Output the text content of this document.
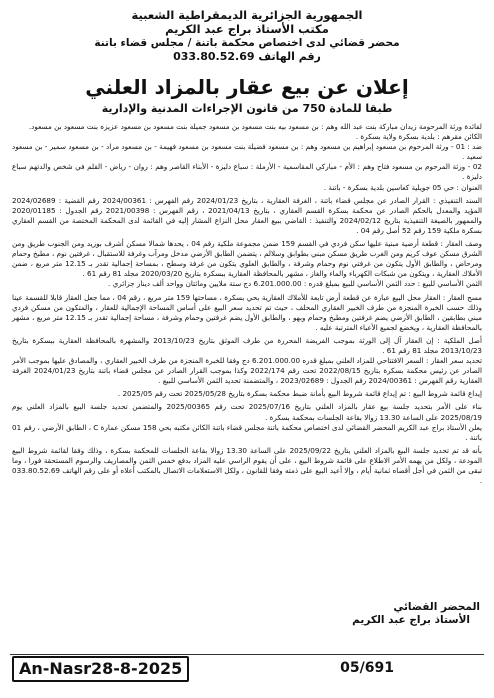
الجمهورية الجزائرية الديمقراطية الشعبية
مكتب الأستاذ براج عبد الكريم
محضر قضائي لدى اختصاص محكمة باتنة / مجلس قضاء باتنة
رقم الهاتف 033.80.52.69
إعلان عن بيع عقار بالمزاد العلني
طبقا للمادة 750 من قانون الإجراءات المدنية والإدارية

لفائدة ورثة المرحومة زيدان مباركة بنت عبد الله وهم : بن مسعود بيه بنت مسعود بن مسعود جميله بنت مسعود بن مسعود عزيزه بنت مسعود بن مسعود.

الكائن مقرهم : بلدية بسكرة ولاية بسكرة .

ضد : 01 - ورثة المرحوم بن مسعود إبراهيم بن مسعود وهم : بن مسعود فضيلة بنت مسعود بن مسعود فهيمة - بن مسعود مراد - بن مسعود سمير - بن مسعود سعيد .

02 - ورثة المرحوم بن مسعود فتاح وهم : الأم - مباركي المقاسمية - الأرملة : سباع دليزة - الأبناء القاصر وهم : روان - رياض - القلم في شخص والدتهم سباع دليزة .

العنوان : حي 05 جويلية كعاسين بلدية بسكرة - باتنة .

السند التنفيذي : القرار الصادر عن مجلس قضاء باتنة ، الغرفة العقارية ، بتاريخ 2024/01/23 رقم الفهرس : 2024/00361 رقم القضية : 2024/02689 المؤيد والمعدل بالحكم الصادر عن محكمة بسكرة القسم العقاري ، بتاريخ 2021/04/13 ، رقم الفهرس : 2021/00398 رقم الجدول : 2020/01185 والممهور بالصيغة التنفيذية بتاريخ 2024/02/12 والتنفيذ : القاضي ببيع العقار محل النزاع المشار إليه في القائمة لدى المحكمة المختصة من القسم العقاري بسكرة ملكية 159 رقم 52 أصل رقم 04 .

وصف العقار : قطعة أرضية مبنية عليها سكن فردي في القسم 159 ضمن مجموعة ملكية رقم 04 ، يحدها شمالا مسكن أشرف بوزيد ومن الجنوب طريق ومن الشرق مسكن عوف كريم ومن الغرب طريق مسكن مبني بطوابق وسلالم ، يتضمن الطابق الأرضي مدخل ومرآب وغرفة للاستقبال ، غرفتين نوم ، مطبخ وحمام ومرحاض ، والطابق الأول يتكون من غرفتي نوم وحمام وشرفة ، والطابق العلوي يتكون من غرفة وسطح ، بمساحة إجمالية تقدر بـ 12.15 متر مربع ، ضمن الأملاك العقارية ، ويتكون من شبكات الكهرباء والماء والغاز ، مشهر بالمحافظة العقارية ببسكرة بتاريخ 2020/03/20 مجلد 81 رقم 61 .

الثمن الأساسي للبيع : حدد الثمن الأساسي للبيع بمبلغ قدره : 6.201.000.00 دج ستة ملايين ومائتان وواحد ألف دينار جزائري .

مسح العقار : العقار محل البيع عبارة عن قطعة أرض تابعة للأملاك العقارية بحي بسكرة ، مساحتها 159 متر مربع ، رقم 04 ، مما جعل العقار قابلا للقسمة عينا وذلك حسب الخبرة المنجزة من طرف الخبير العقاري المحلف ، حيث تم تحديد سعر البيع على أساس المساحة الإجمالية للعقار ، والمتكون من مسكن فردي مبني بطابقين ، الطابق الأرضي يضم غرفتين ومطبخ وحمام وبهو ، والطابق الأول يضم غرفتين وحمام وشرفة ، مساحة إجمالية تقدر بـ 12.15 متر مربع ، مشهر بالمحافظة العقارية ، ويخضع لجميع الأعباء المترتبة عليه .

أصل الملكية : إن العقار آل إلى الورثة بموجب الفريضة المحررة من طرف الموثق بتاريخ 2013/10/23 والمشهرة بالمحافظة العقارية ببسكرة بتاريخ 2013/10/23 مجلد 81 رقم 61 .

تحديد سعر العقار : السعر الافتتاحي للمزاد العلني بمبلغ قدره 6.201.000.00 دج وفقا للخبرة المنجزة من طرف الخبير العقاري ، والمصادق عليها بموجب الأمر الصادر عن رئيس محكمة بسكرة بتاريخ 2022/08/15 تحت رقم 2022/174 وكذا بموجب القرار الصادر عن مجلس قضاء باتنة بتاريخ 2024/01/23 الغرفة العقارية رقم الفهرس : 2024/00361 رقم الجدول : 2023/02689 ، والمتضمنة تحديد الثمن الأساسي للبيع .

إيداع قائمة شروط البيع : تم إيداع قائمة شروط البيع بأمانة ضبط محكمة بسكرة بتاريخ 2025/05/28 تحت رقم 2025/05 .

بناء على الأمر بتحديد جلسة بيع عقار بالمزاد العلني بتاريخ 2025/07/16 تحت رقم 2025/00365 والمتضمن تحديد جلسة البيع بالمزاد العلني يوم 2025/08/19 على الساعة 13.30 زوالا بقاعة الجلسات بمحكمة بسكرة .

يعلن الأستاذ براج عبد الكريم المحضر القضائي لدى اختصاص محكمة باتنة مجلس قضاء باتنة الكائن مكتبه بحي 158 مسكن عمارة C ، الطابق الأرضي ، رقم 01 باتنة .

بأنه قد تم تحديد جلسة البيع بالمزاد العلني بتاريخ 2025/09/22 على الساعة 13.30 زوالا بقاعة الجلسات للمحكمة بسكرة ، وذلك وفقا لقائمة شروط البيع المودعة ، ولكل من يهمه الأمر الاطلاع على قائمة شروط البيع ، على أن يقوم الراسي عليه المزاد بدفع خمس الثمن والمصاريف والرسوم المستحقة فورا ، وما تبقى من الثمن في أجل أقصاه ثمانية أيام ، وإلا أعيد البيع على ذمته وفقا للقانون ، ولكل الاستعلامات الاتصال بالمكتب أعلاه أو على رقم الهاتف 033.80.52.69 .

المحضر القضائي
الأستاذ براج عبد الكريم
An-Nasr28-8-2025	05/691
